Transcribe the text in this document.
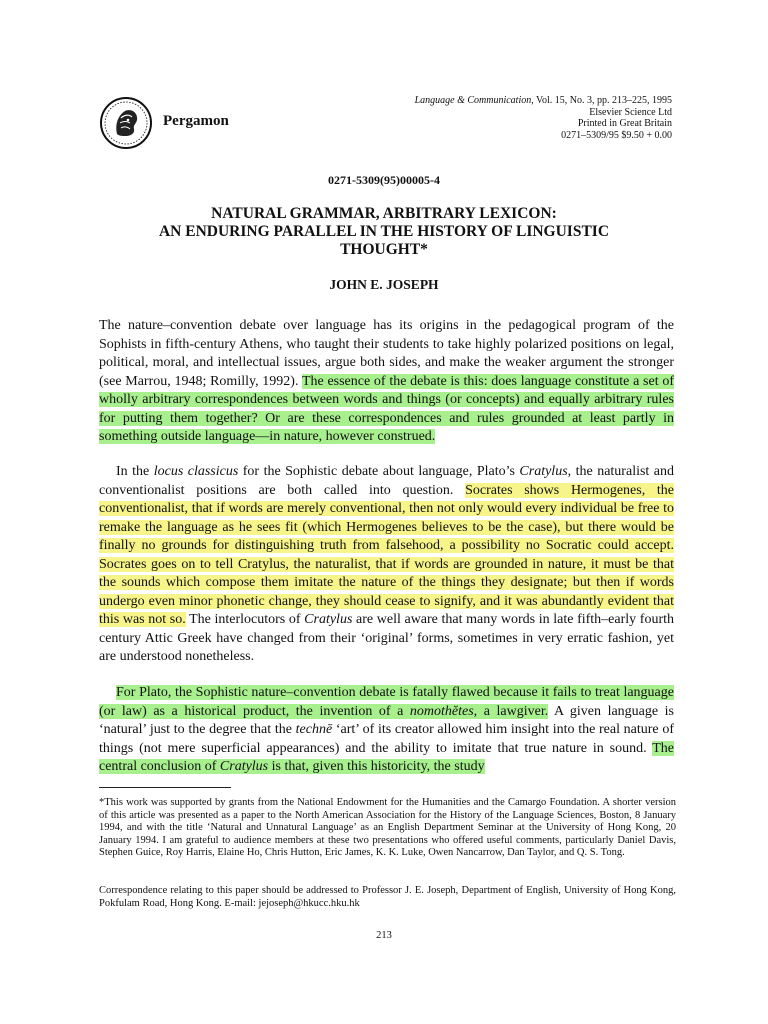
Pergamon
Language & Communication, Vol. 15, No. 3, pp. 213–225, 1995
Elsevier Science Ltd
Printed in Great Britain
0271–5309/95 $9.50 + 0.00
0271-5309(95)00005-4
NATURAL GRAMMAR, ARBITRARY LEXICON:
AN ENDURING PARALLEL IN THE HISTORY OF LINGUISTIC
THOUGHT*
JOHN E. JOSEPH
The nature–convention debate over language has its origins in the pedagogical program of the Sophists in fifth-century Athens, who taught their students to take highly polarized positions on legal, political, moral, and intellectual issues, argue both sides, and make the weaker argument the stronger (see Marrou, 1948; Romilly, 1992). The essence of the debate is this: does language constitute a set of wholly arbitrary correspondences between words and things (or concepts) and equally arbitrary rules for putting them together? Or are these correspondences and rules grounded at least partly in something outside language—in nature, however construed.
In the locus classicus for the Sophistic debate about language, Plato’s Cratylus, the naturalist and conventionalist positions are both called into question. Socrates shows Hermogenes, the conventionalist, that if words are merely conventional, then not only would every individual be free to remake the language as he sees fit (which Hermogenes believes to be the case), but there would be finally no grounds for distinguishing truth from falsehood, a possibility no Socratic could accept. Socrates goes on to tell Cratylus, the naturalist, that if words are grounded in nature, it must be that the sounds which compose them imitate the nature of the things they designate; but then if words undergo even minor phonetic change, they should cease to signify, and it was abundantly evident that this was not so. The interlocutors of Cratylus are well aware that many words in late fifth–early fourth century Attic Greek have changed from their ‘original’ forms, sometimes in very erratic fashion, yet are understood nonetheless.
For Plato, the Sophistic nature–convention debate is fatally flawed because it fails to treat language (or law) as a historical product, the invention of a nomothĕtes, a lawgiver. A given language is ‘natural’ just to the degree that the technē ‘art’ of its creator allowed him insight into the real nature of things (not mere superficial appearances) and the ability to imitate that true nature in sound. The central conclusion of Cratylus is that, given this historicity, the study
*This work was supported by grants from the National Endowment for the Humanities and the Camargo Foundation. A shorter version of this article was presented as a paper to the North American Association for the History of the Language Sciences, Boston, 8 January 1994, and with the title ‘Natural and Unnatural Language’ as an English Department Seminar at the University of Hong Kong, 20 January 1994. I am grateful to audience members at these two presentations who offered useful comments, particularly Daniel Davis, Stephen Guice, Roy Harris, Elaine Ho, Chris Hutton, Eric James, K. K. Luke, Owen Nancarrow, Dan Taylor, and Q. S. Tong.
Correspondence relating to this paper should be addressed to Professor J. E. Joseph, Department of English, University of Hong Kong, Pokfulam Road, Hong Kong. E-mail: jejoseph@hkucc.hku.hk
213
